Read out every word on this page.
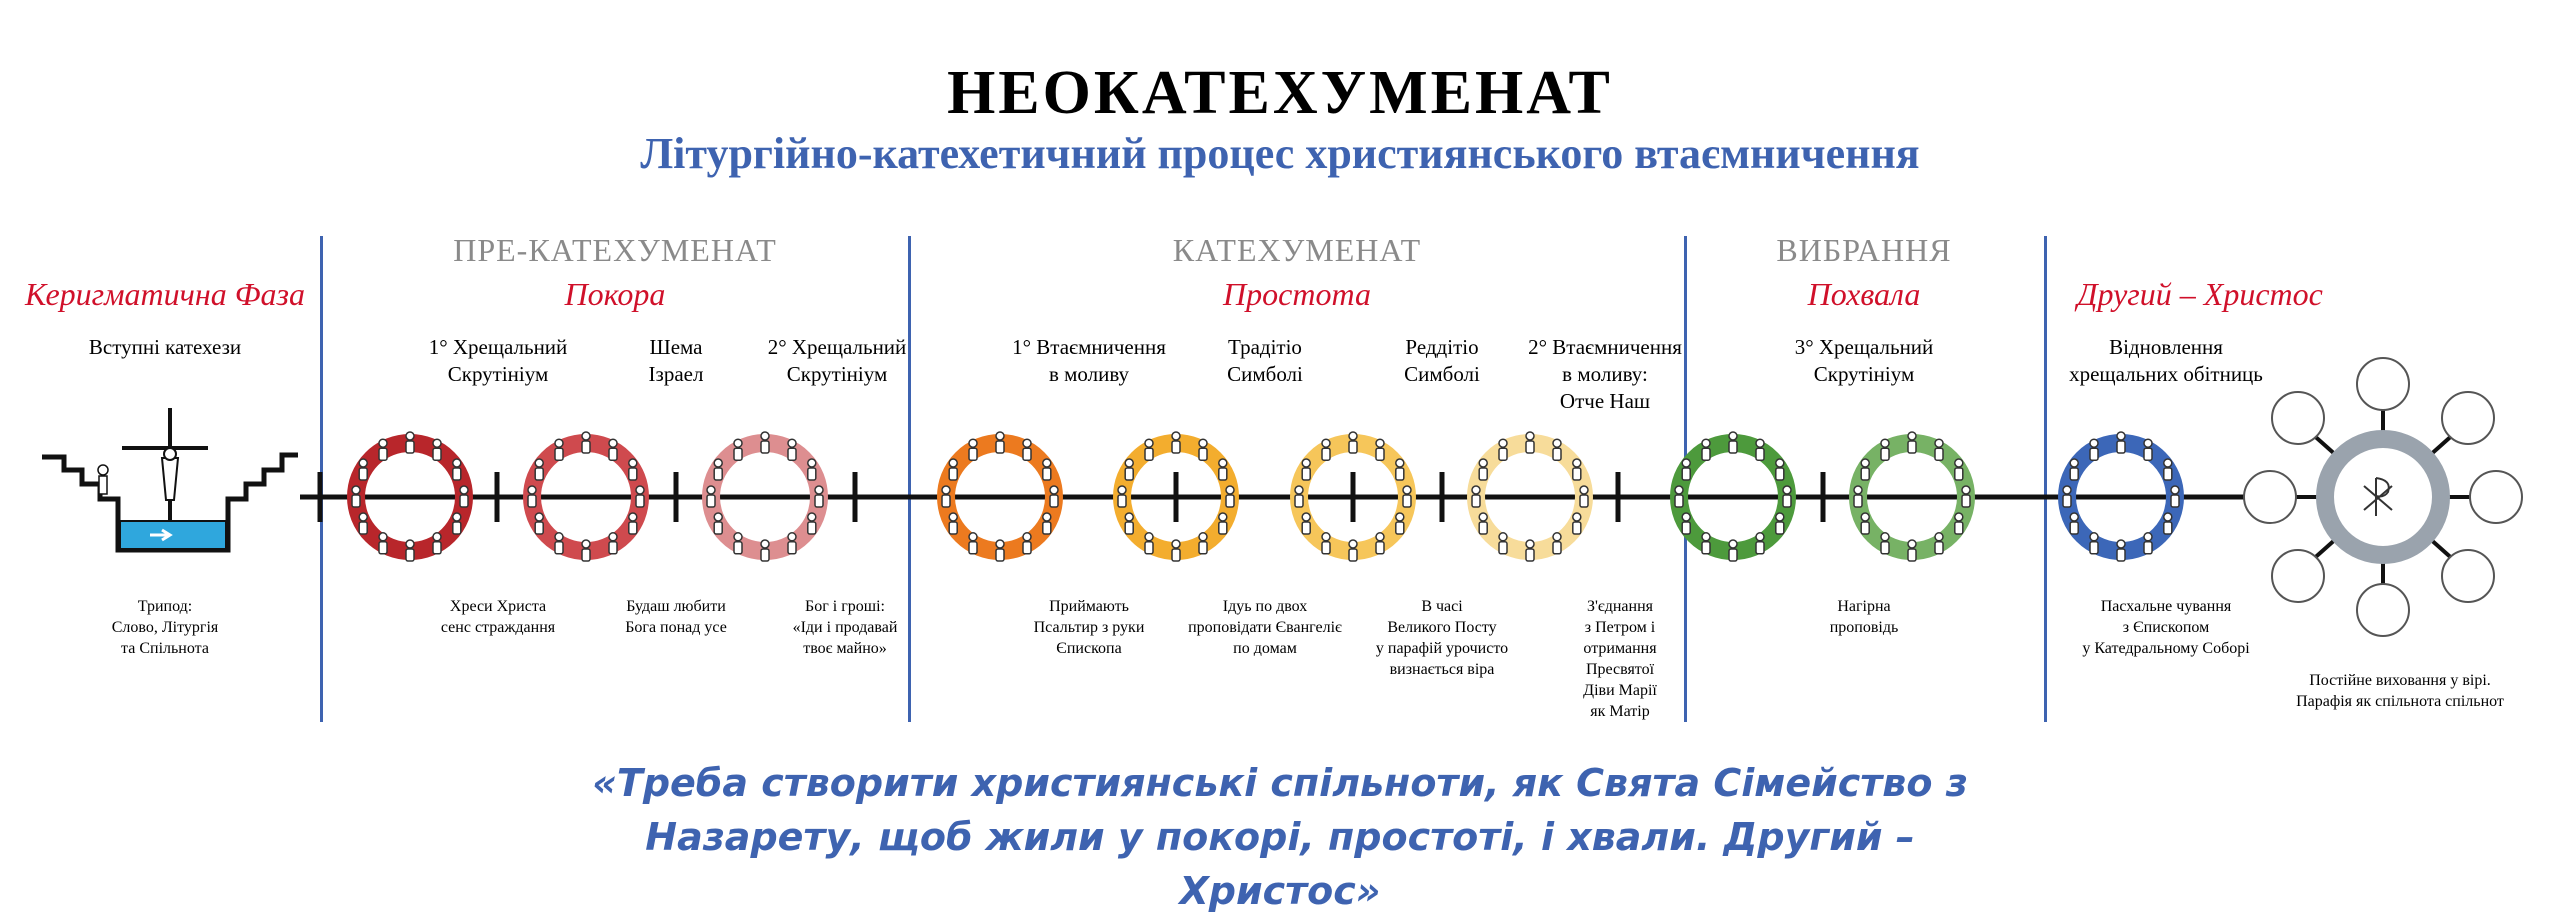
НЕОКАТЕХУМЕНАТ
Літургійно-катехетичний процес християнського втаємничення
ПРЕ-КАТЕХУМЕНАТ	КАТЕХУМЕНАТ	ВИБРАННЯ
Керигматична Фаза	Покора	Простота	Похвала	Другий – Христос
Вступні катехези	1° Хрещальний
Скрутініум
Шема
Ізраел
2° Хрещальний
Скрутініум
1° Втаємничення
в моливу
Традітіо
Симболі
Реддітіо
Симболі
2° Втаємничення
в моливу:
Отче Наш
3° Хрещальний
Скрутініум
Відновлення
хрещальних обітниць
Трипод:
Слово, Літургія
та Спільнота
Хреси Христа
сенс страждання
Будаш любити
Бога понад усе
Бог і гроші:
«Іди і продавай
твоє майно»
Приймають
Псальтир з руки
Єпископа
Ідуь по двох
проповідати Євангеліє
по домам
В часі
Великого Посту
у парафій урочисто
визнається віра
З'єднання
з Петром і
отримання
Пресвятої
Діви Марії
як Матір
Нагірна
проповідь
Пасхальне чування
з Єпископом
у Катедральному Соборі
Постійне виховання у вірі.
Парафія як спільнота спільнот
«Треба створити християнські спільноти, як Свята Сімейство з Назарету, щоб жили у покорі, простоті, і хвали. Другий – Христос»
